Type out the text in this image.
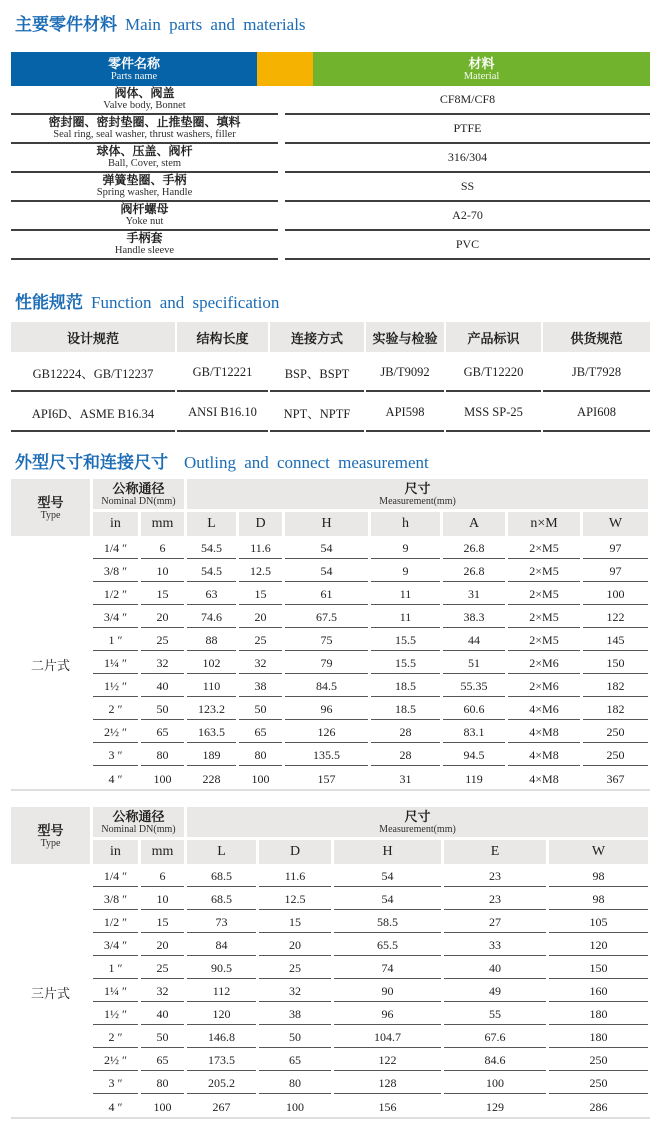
主要零件材料 Main parts and materials
零件名称
Parts name
材料
Material
阀体、阀盖
Valve body, Bonnet	CF8M/CF8
密封圈、密封垫圈、止推垫圈、填料
Seal ring, seal washer, thrust washers, filler	PTFE
球体、压盖、阀杆
Ball, Cover, stem	316/304
弹簧垫圈、手柄
Spring washer, Handle	SS
阀杆螺母
Yoke nut	A2-70
手柄套
Handle sleeve	PVC
性能规范 Function and specification
设计规范	结构长度	连接方式	实验与检验	产品标识	供货规范
GB12224、GB/T12237	GB/T12221	BSP、BSPT	JB/T9092	GB/T12220	JB/T7928
API6D、ASME B16.34	ANSI B16.10	NPT、NPTF	API598	MSS SP-25	API608
外型尺寸和连接尺寸 Outling and connect measurement
型号
Type
公称通径
Nominal DN(mm)
尺寸
Measurement(mm)
in	mm	L	D	H	h	A	n×M	W
二片式
1/4 ″	6	54.5	11.6	54	9	26.8	2×M5	97
3/8 ″	10	54.5	12.5	54	9	26.8	2×M5	97
1/2 ″	15	63	15	61	11	31	2×M5	100
3/4 ″	20	74.6	20	67.5	11	38.3	2×M5	122
1 ″	25	88	25	75	15.5	44	2×M5	145
1¼ ″	32	102	32	79	15.5	51	2×M6	150
1½ ″	40	110	38	84.5	18.5	55.35	2×M6	182
2 ″	50	123.2	50	96	18.5	60.6	4×M6	182
2½ ″	65	163.5	65	126	28	83.1	4×M8	250
3 ″	80	189	80	135.5	28	94.5	4×M8	250
4 ″	100	228	100	157	31	119	4×M8	367
型号
Type
公称通径
Nominal DN(mm)
尺寸
Measurement(mm)
in	mm	L	D	H	E	W
三片式
1/4 ″	6	68.5	11.6	54	23	98
3/8 ″	10	68.5	12.5	54	23	98
1/2 ″	15	73	15	58.5	27	105
3/4 ″	20	84	20	65.5	33	120
1 ″	25	90.5	25	74	40	150
1¼ ″	32	112	32	90	49	160
1½ ″	40	120	38	96	55	180
2 ″	50	146.8	50	104.7	67.6	180
2½ ″	65	173.5	65	122	84.6	250
3 ″	80	205.2	80	128	100	250
4 ″	100	267	100	156	129	286
